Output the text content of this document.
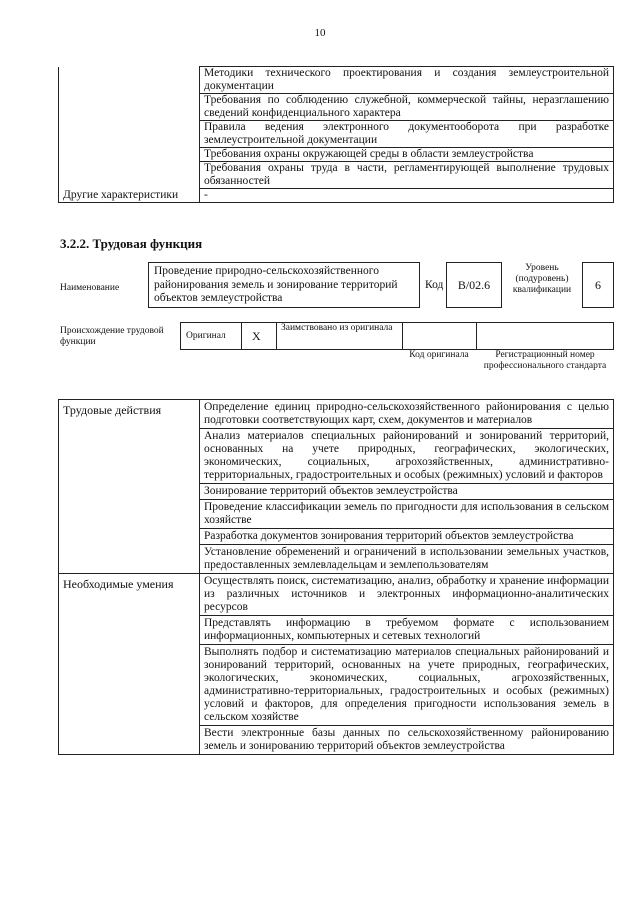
10
	Методики технического проектирования и создания землеустроительной документации
	Требования по соблюдению служебной, коммерческой тайны, неразглашению сведений конфиденциального характера
	Правила ведения электронного документооборота при разработке землеустроительной документации
	Требования охраны окружающей среды в области землеустройства
	Требования охраны труда в части, регламентирующей выполнение трудовых обязанностей
Другие характеристики	-
3.2.2. Трудовая функция
Наименование
Проведение природно-сельскохозяйственного районирования земель и зонирование территорий объектов землеустройства
Код	В/02.6
Уровень (подуровень) квалификации	6
Происхождение трудовой функции
Оригинал X
Заимствовано из оригинала
Код оригинала	Регистрационный номер профессионального стандарта
Трудовые действия	Определение единиц природно-сельскохозяйственного районирования с целью подготовки соответствующих карт, схем, документов и материалов
	Анализ материалов специальных районирований и зонирований территорий, основанных на учете природных, географических, экологических, экономических, социальных, агрохозяйственных, административно-территориальных, градостроительных и особых (режимных) условий и факторов
	Зонирование территорий объектов землеустройства
	Проведение классификации земель по пригодности для использования в сельском хозяйстве
	Разработка документов зонирования территорий объектов землеустройства
	Установление обременений и ограничений в использовании земельных участков, предоставленных землевладельцам и землепользователям
Необходимые умения	Осуществлять поиск, систематизацию, анализ, обработку и хранение информации из различных источников и электронных информационно-аналитических ресурсов
	Представлять информацию в требуемом формате с использованием информационных, компьютерных и сетевых технологий
	Выполнять подбор и систематизацию материалов специальных районирований и зонирований территорий, основанных на учете природных, географических, экологических, экономических, социальных, агрохозяйственных, административно-территориальных, градостроительных и особых (режимных) условий и факторов, для определения пригодности использования земель в сельском хозяйстве
	Вести электронные базы данных по сельскохозяйственному районированию земель и зонированию территорий объектов землеустройства
